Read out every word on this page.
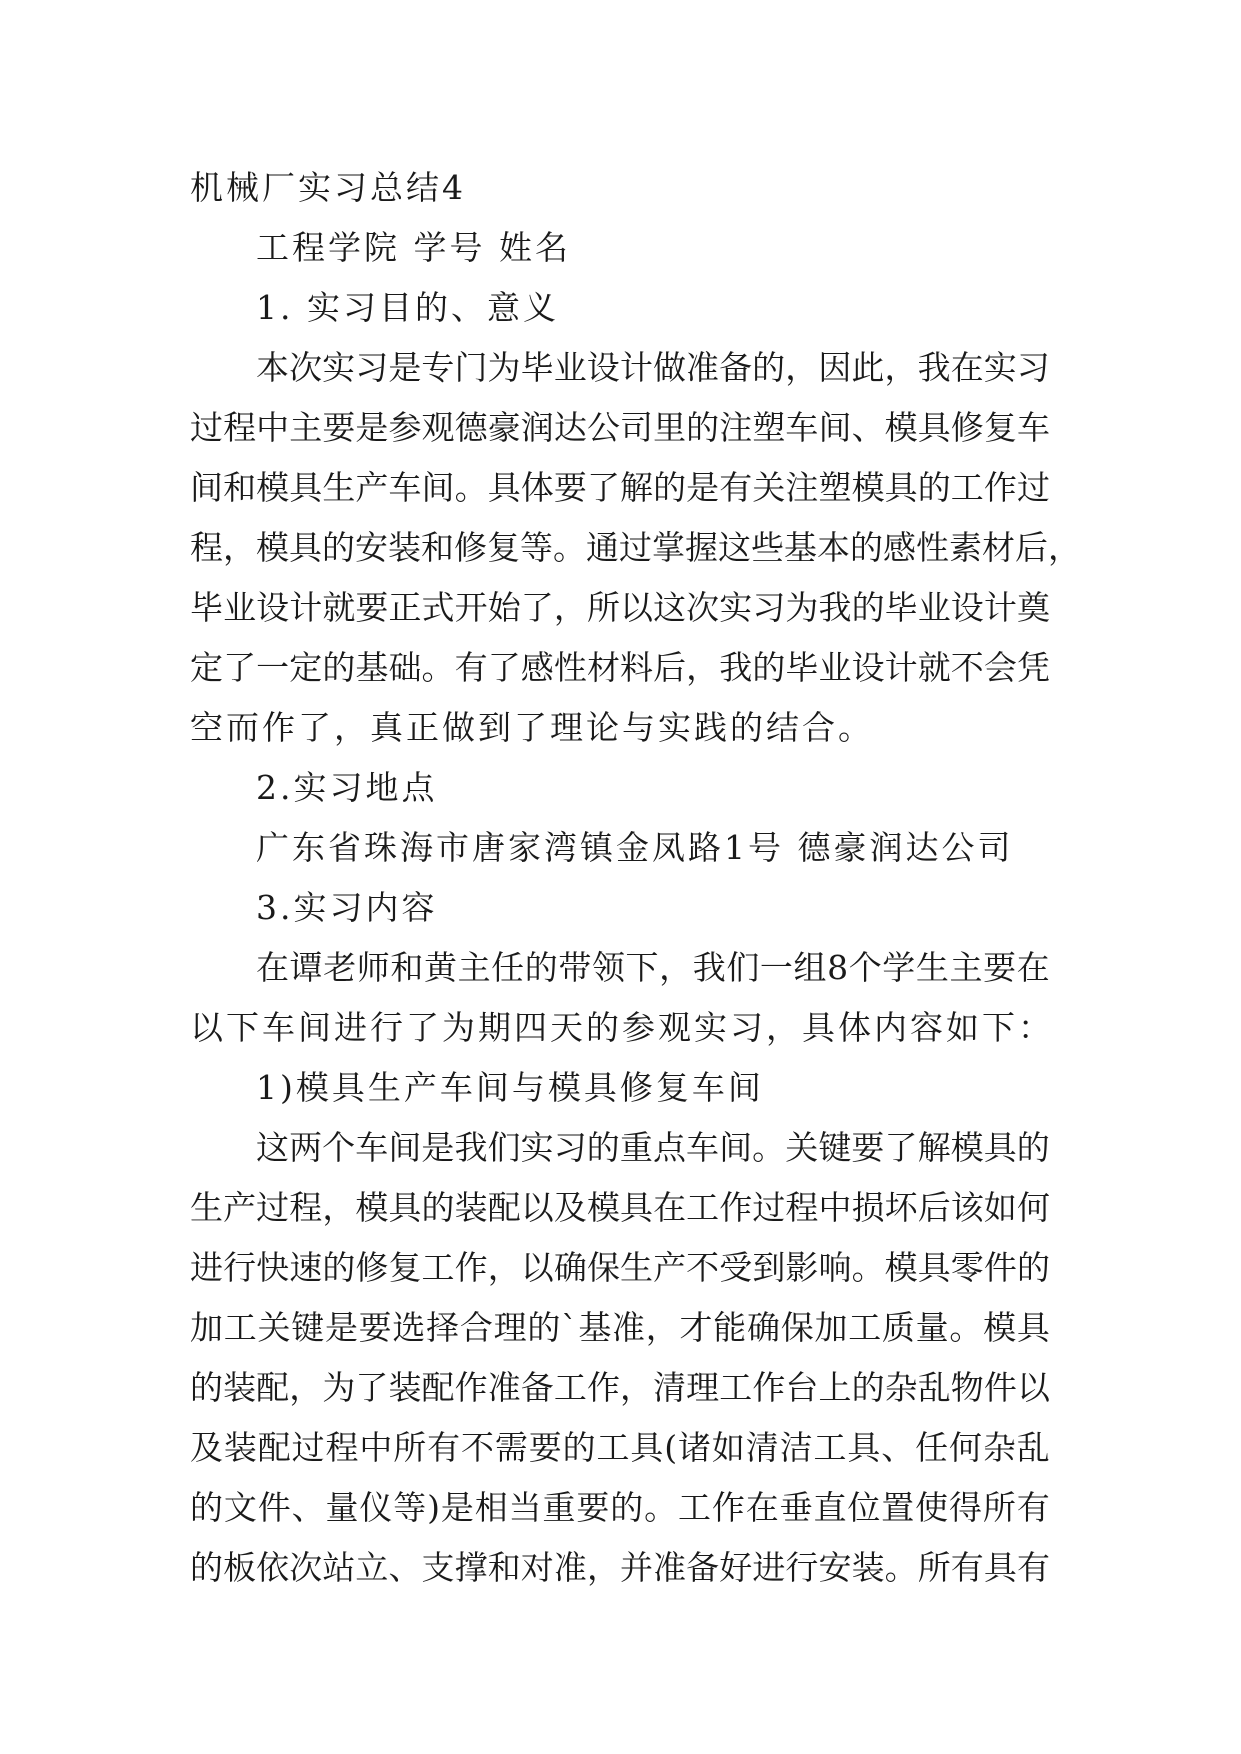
机械厂实习总结4
工程学院 学号 姓名
1. 实习目的、意义
本 次 实 习 是 专 门 为 毕 业 设 计 做 准 备 的 ， 因 此 ， 我 在 实 习
过 程 中 主 要 是 参 观 德 豪 润 达 公 司 里 的 注 塑 车 间 、 模 具 修 复 车
间 和 模 具 生 产 车 间 。 具 体 要 了 解 的 是 有 关 注 塑 模 具 的 工 作 过
程 ， 模 具 的 安 装 和 修 复 等 。 通 过 掌 握 这 些 基 本 的 感 性 素 材 后 ，
毕 业 设 计 就 要 正 式 开 始 了 ， 所 以 这 次 实 习 为 我 的 毕 业 设 计 奠
定 了 一 定 的 基 础 。 有 了 感 性 材 料 后 ， 我 的 毕 业 设 计 就 不 会 凭
空而作了，真正做到了理论与实践的结合。
2.实习地点
广东省珠海市唐家湾镇金凤路1号 德豪润达公司
3.实习内容
在 谭 老 师 和 黄 主 任 的 带 领 下 ， 我 们 一 组 8 个 学 生 主 要 在
以下车间进行了为期四天的参观实习，具体内容如下：
1)模具生产车间与模具修复车间
这 两 个 车 间 是 我 们 实 习 的 重 点 车 间 。 关 键 要 了 解 模 具 的
生 产 过 程 ， 模 具 的 装 配 以 及 模 具 在 工 作 过 程 中 损 坏 后 该 如 何
进 行 快 速 的 修 复 工 作 ， 以 确 保 生 产 不 受 到 影 响 。 模 具 零 件 的
加 工 关 键 是 要 选 择 合 理 的 ` 基 准 ， 才 能 确 保 加 工 质 量 。 模 具
的 装 配 ， 为 了 装 配 作 准 备 工 作 ， 清 理 工 作 台 上 的 杂 乱 物 件 以
及 装 配 过 程 中 所 有 不 需 要 的 工 具 ( 诸 如 清 洁 工 具 、 任 何 杂 乱
的 文 件 、 量 仪 等 ) 是 相 当 重 要 的 。 工 作 在 垂 直 位 置 使 得 所 有
的 板 依 次 站 立 、 支 撑 和 对 准 ， 并 准 备 好 进 行 安 装 。 所 有 具 有
